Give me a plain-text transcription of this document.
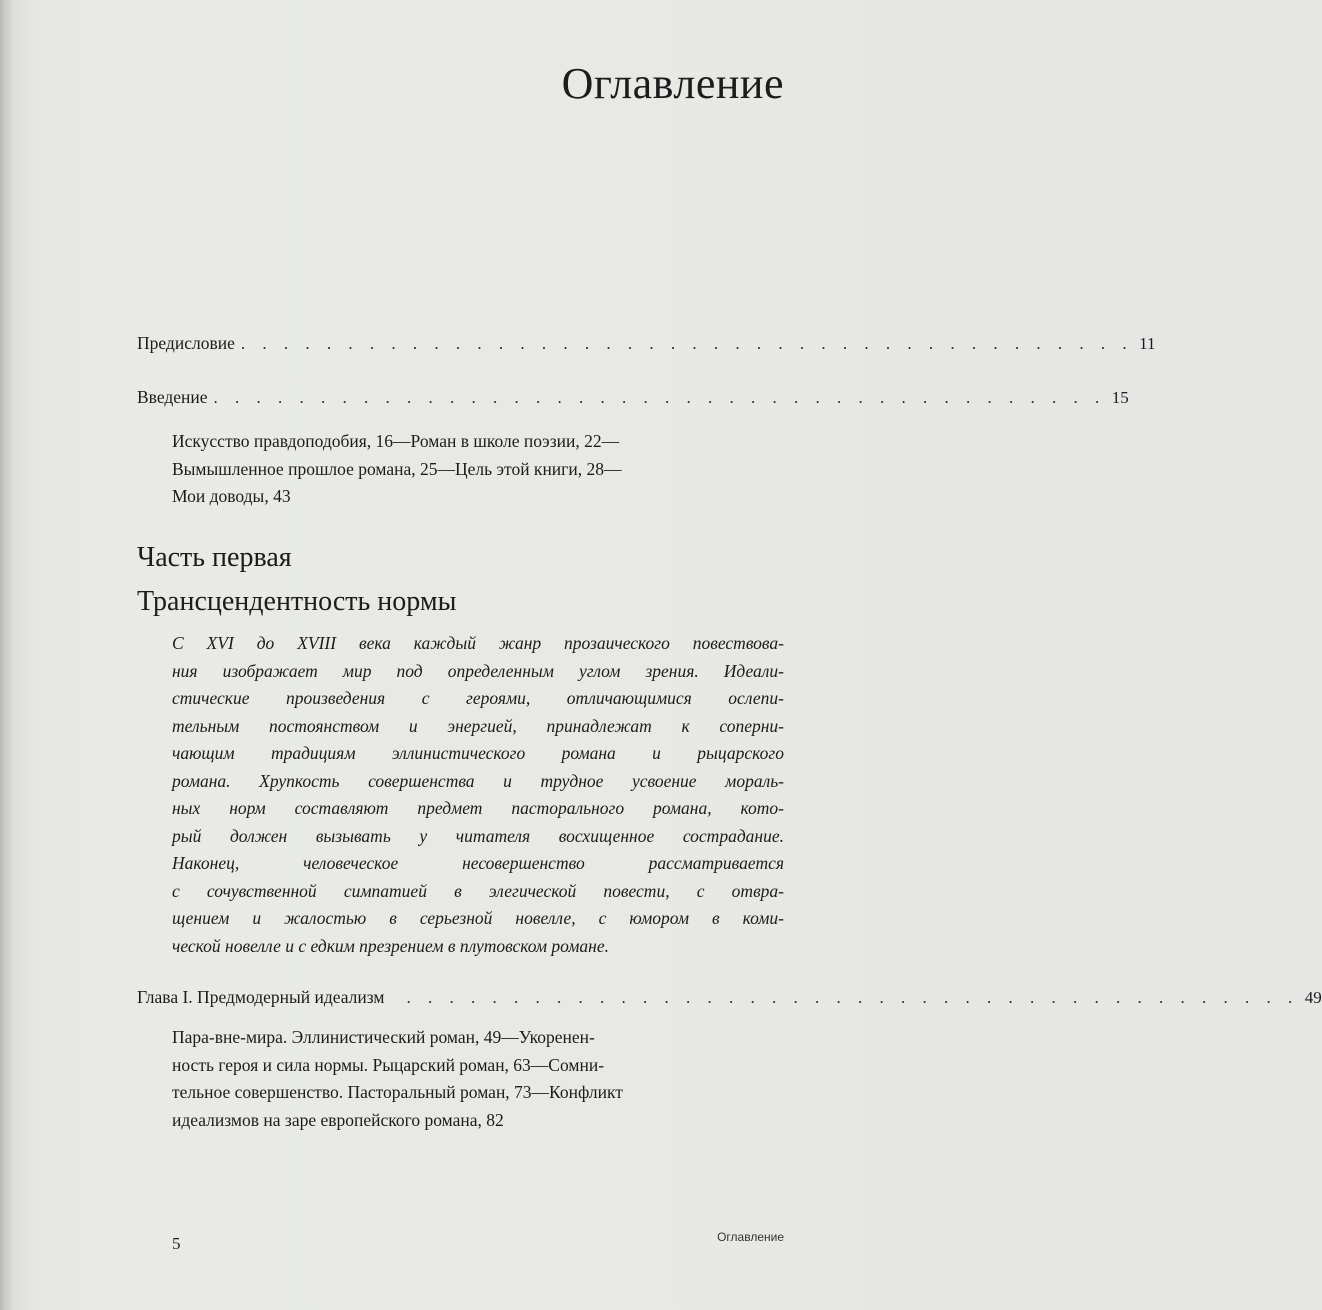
Оглавление
Предисловие . . . . . . . . . . . . . . . . . . . . . . . . . . . . . . . . . . . . . . . . . . 11
Введение . . . . . . . . . . . . . . . . . . . . . . . . . . . . . . . . . . . . . . . . . . 15
Искусство правдоподобия, 16—Роман в школе поэзии, 22—
Вымышленное прошлое романа, 25—Цель этой книги, 28—
Мои доводы, 43
Часть первая
Трансцендентность нормы
С XVI до XVIII века каждый жанр прозаического повествова-
ния изображает мир под определенным углом зрения. Идеали-
стические произведения с героями, отличающимися ослепи-
тельным постоянством и энергией, принадлежат к соперни-
чающим традициям эллинистического романа и рыцарского
романа. Хрупкость совершенства и трудное усвоение мораль-
ных норм составляют предмет пасторального романа, кото-
рый должен вызывать у читателя восхищенное сострадание.
Наконец, человеческое несовершенство рассматривается
с сочувственной симпатией в элегической повести, с отвра-
щением и жалостью в серьезной новелле, с юмором в коми-
ческой новелле и с едким презрением в плутовском романе.
Глава I. Предмодерный идеализм . . . . . . . . . . . . . . . . . . . . . . . . . . . . . . . . . . . . . . . . . . 49
Пара-вне-мира. Эллинистический роман, 49—Укоренен-
ность героя и сила нормы. Рыцарский роман, 63—Сомни-
тельное совершенство. Пасторальный роман, 73—Конфликт
идеализмов на заре европейского романа, 82
5	Оглавление
